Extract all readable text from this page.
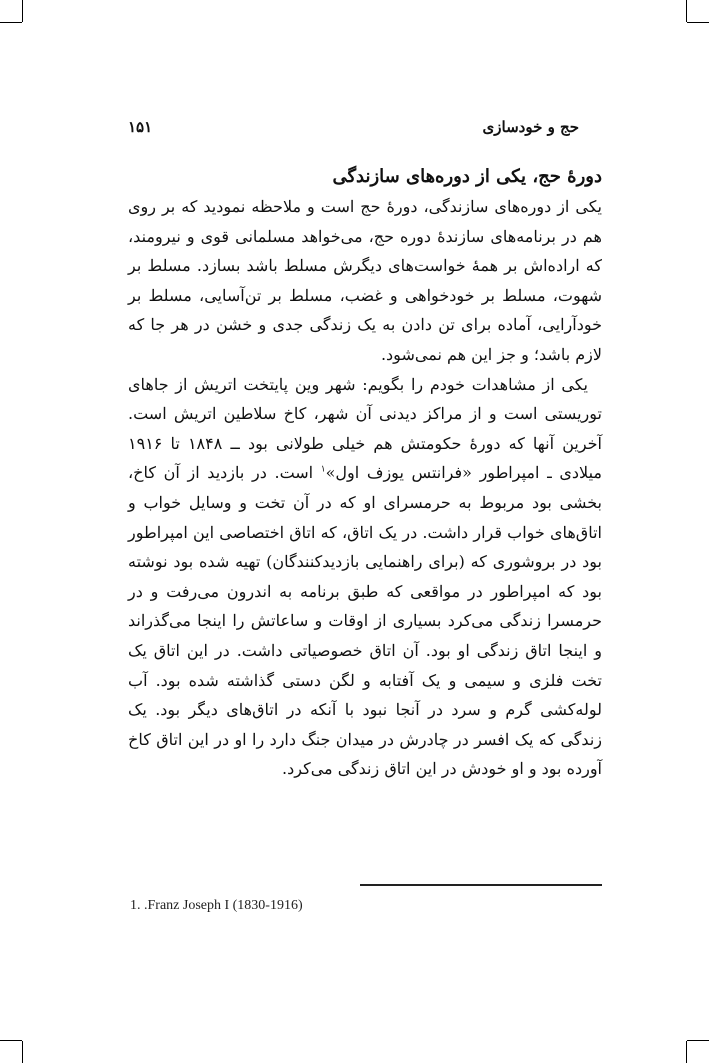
حج و خودسازی
۱۵۱
دورۀ حج، یکی از دوره‌های سازندگی

یکی از دوره‌های سازندگی، دورۀ حج است و ملاحظه نمودید که بر روی هم در برنامه‌های سازندۀ دوره حج، می‌خواهد مسلمانی قوی و نیرومند، که اراده‌اش بر همۀ خواست‌های دیگرش مسلط باشد بسازد. مسلط بر شهوت، مسلط بر خودخواهی و غضب، مسلط بر تن‌آسایی، مسلط بر خودآرایی، آماده برای تن دادن به یک زندگی جدی و خشن در هر جا که لازم باشد؛ و جز این هم نمی‌شود.

یکی از مشاهدات خودم را بگویم: شهر وین پایتخت اتریش از جاهای توریستی است و از مراکز دیدنی آن شهر، کاخ سلاطین اتریش است. آخرین آنها که دورۀ حکومتش هم خیلی طولانی بود ــ ۱۸۴۸ تا ۱۹۱۶ میلادی ـ امپراطور «فرانتس یوزف اول»$^۱$ است. در بازدید از آن کاخ، بخشی بود مربوط به حرمسرای او که در آن تخت و وسایل خواب و اتاق‌های خواب قرار داشت. در یک اتاق، که اتاق اختصاصی این امپراطور بود در بروشوری که (برای راهنمایی بازدیدکنندگان) تهیه شده بود نوشته بود که امپراطور در مواقعی که طبق برنامه به اندرون می‌رفت و در حرمسرا زندگی می‌کرد بسیاری از اوقات و ساعاتش را اینجا می‌گذراند و اینجا اتاق زندگی او بود. آن اتاق خصوصیاتی داشت. در این اتاق یک تخت فلزی و سیمی و یک آفتابه و لگن دستی گذاشته شده بود. آب لوله‌کشی گرم و سرد در آنجا نبود با آنکه در اتاق‌های دیگر بود. یک زندگی که یک افسر در چادرش در میدان جنگ دارد را او در این اتاق کاخ آورده بود و او خودش در این اتاق زندگی می‌کرد.

1. .Franz Joseph I (1830-1916)
